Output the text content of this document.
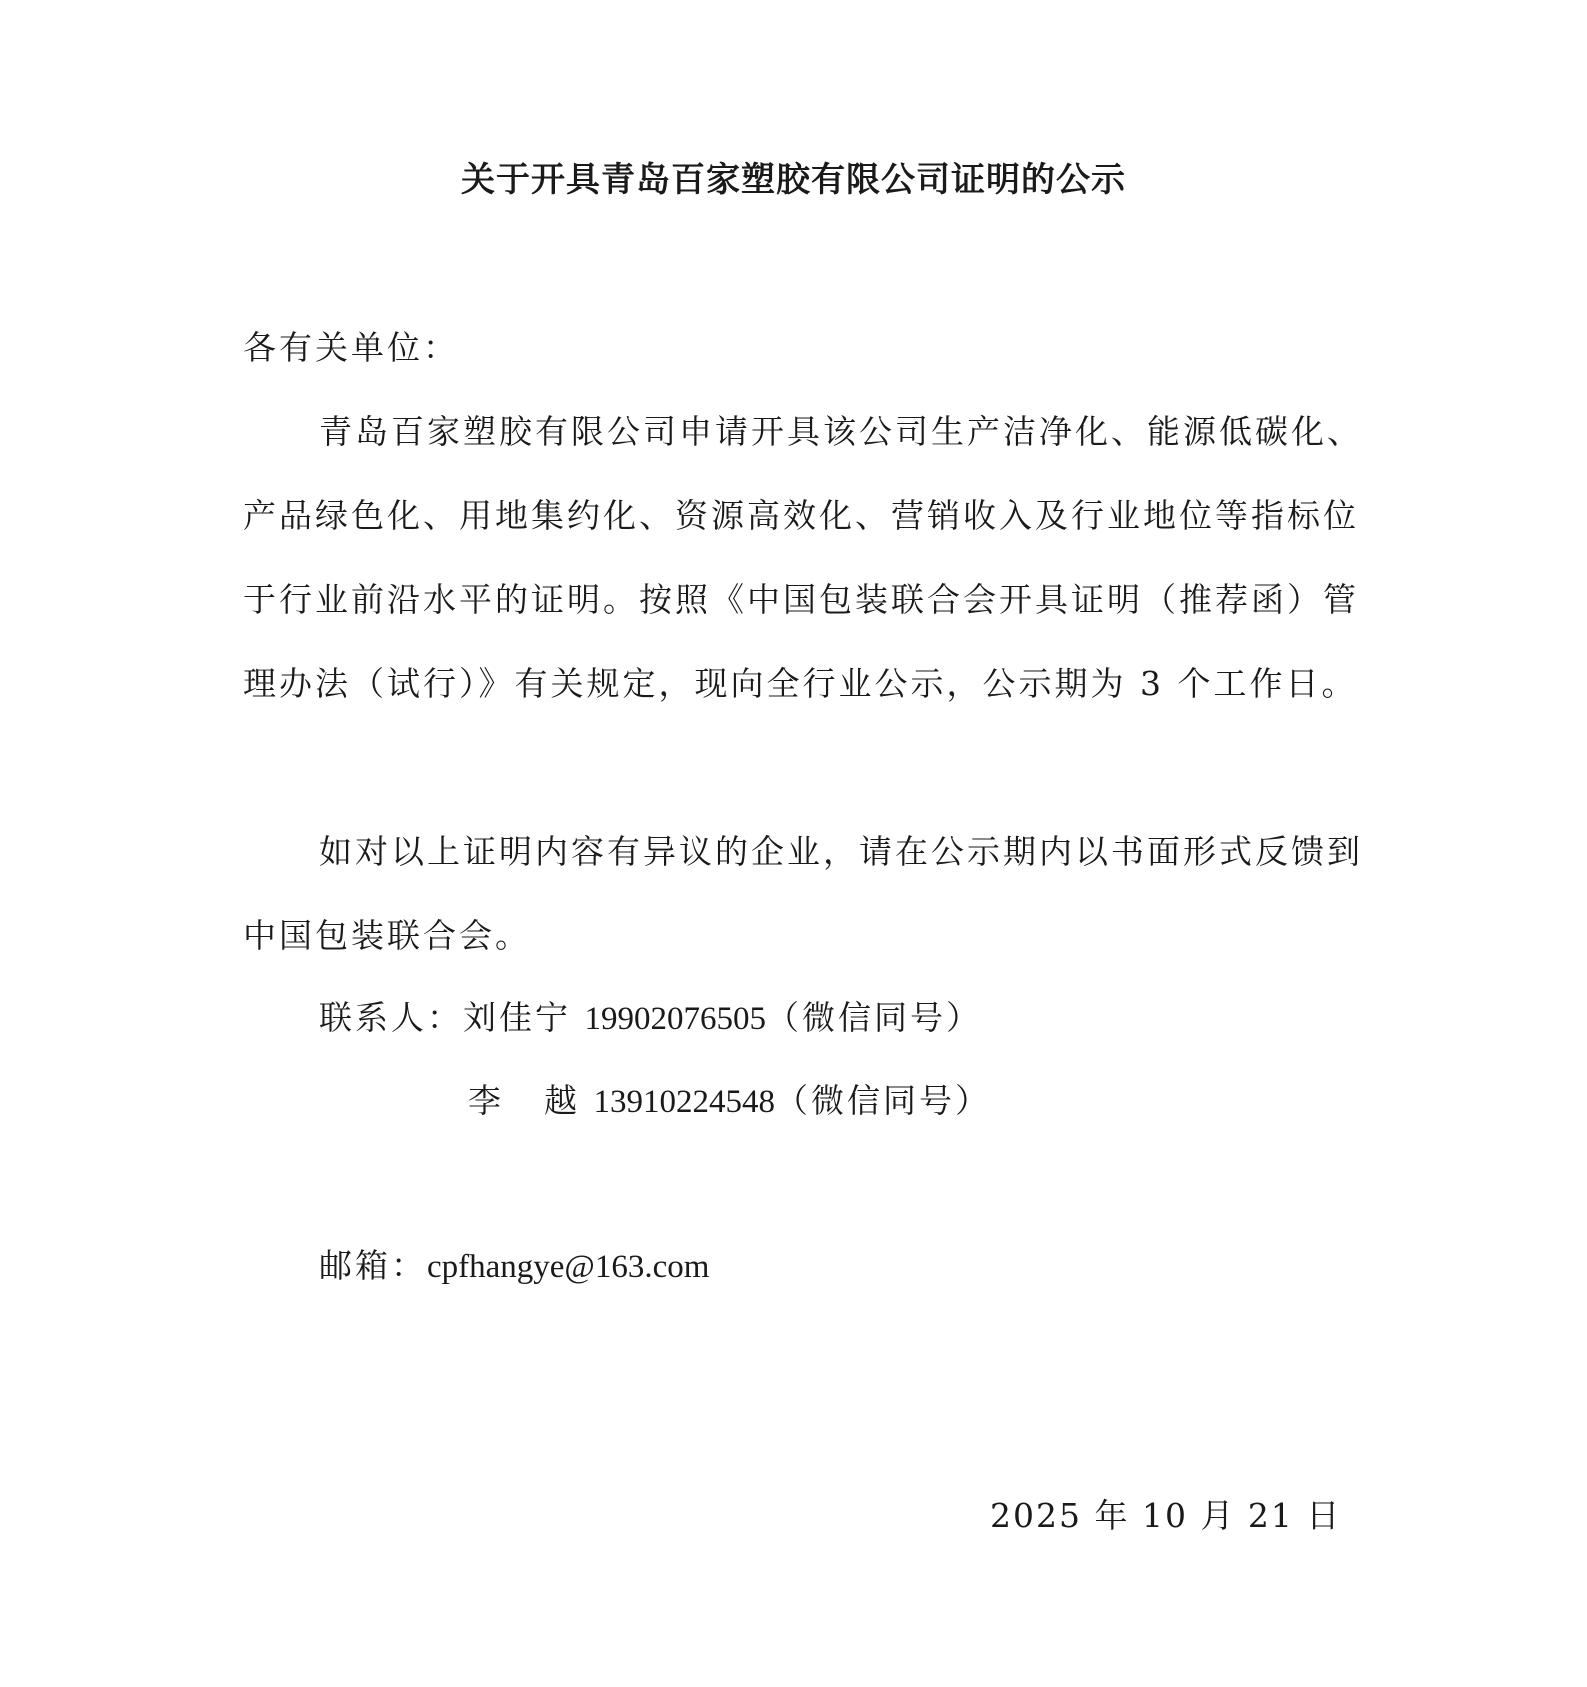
关于开具青岛百家塑胶有限公司证明的公示

各有关单位：

青岛百家塑胶有限公司申请开具该公司生产洁净化、能源低碳化、产品绿色化、用地集约化、资源高效化、营销收入及行业地位等指标位于行业前沿水平的证明。按照《中国包装联合会开具证明（推荐函）管理办法（试行）》有关规定，现向全行业公示，公示期为 3 个工作日。

如对以上证明内容有异议的企业，请在公示期内以书面形式反馈到中国包装联合会。

联系人：刘佳宁 19902076505（微信同号）
李 越 13910224548（微信同号）
邮箱：cpfhangye@163.com
2025 年 10 月 21 日
